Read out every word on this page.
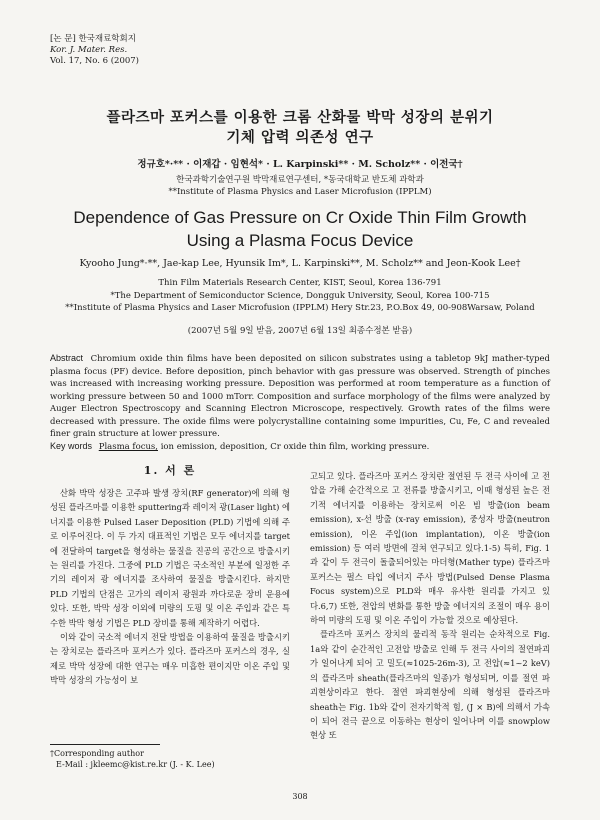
[논 문] 한국재료학회지
Kor. J. Mater. Res.
Vol. 17, No. 6 (2007)
플라즈마 포커스를 이용한 크롬 산화물 박막 성장의 분위기
기체 압력 의존성 연구
정규호*·** · 이재갑 · 임현석* · L. Karpinski** · M. Scholz** · 이전국†
한국과학기술연구원 박막재료연구센터, *동국대학교 반도체 과학과
**Institute of Plasma Physics and Laser Microfusion (IPPLM)
Dependence of Gas Pressure on Cr Oxide Thin Film Growth
Using a Plasma Focus Device
Kyooho Jung*·**, Jae-kap Lee, Hyunsik Im*, L. Karpinski**, M. Scholz** and Jeon-Kook Lee†
Thin Film Materials Research Center, KIST, Seoul, Korea 136-791
*The Department of Semiconductor Science, Dongguk University, Seoul, Korea 100-715
**Institute of Plasma Physics and Laser Microfusion (IPPLM) Hery Str.23, P.O.Box 49, 00-908Warsaw, Poland
(2007년 5월 9일 받음, 2007년 6월 13일 최종수정본 받음)
Abstract Chromium oxide thin films have been deposited on silicon substrates using a tabletop 9kJ mather-typed plasma focus (PF) device. Before deposition, pinch behavior with gas pressure was observed. Strength of pinches was increased with increasing working pressure. Deposition was performed at room temperature as a function of working pressure between 50 and 1000 mTorr. Composition and surface morphology of the films were analyzed by Auger Electron Spectroscopy and Scanning Electron Microscope, respectively. Growth rates of the films were decreased with pressure. The oxide films were polycrystalline containing some impurities, Cu, Fe, C and revealed finer grain structure at lower pressure.
Key words Plasma focus, ion emission, deposition, Cr oxide thin film, working pressure.
1. 서 론

산화 박막 성장은 고주파 발생 장치(RF generator)에 의해 형성된 플라즈마를 이용한 sputtering과 레이저 광(Laser light) 에너지를 이용한 Pulsed Laser Deposition (PLD) 기법에 의해 주로 이루어진다. 이 두 가지 대표적인 기법은 모두 에너지를 target에 전달하여 target을 형성하는 물질을 진공의 공간으로 방출시키는 원리를 가진다. 그중에 PLD 기법은 국소적인 부분에 일정한 주기의 레이저 광 에너지를 조사하여 물질을 방출시킨다. 하지만 PLD 기법의 단점은 고가의 레이저 광원과 까다로운 장비 운용에 있다. 또한, 박막 성장 이외에 미량의 도핑 및 이온 주입과 같은 특수한 박막 형성 기법은 PLD 장비를 통해 제작하기 어렵다.

이와 같이 국소적 에너지 전달 방법을 이용하여 물질을 방출시키는 장치로는 플라즈마 포커스가 있다. 플라즈마 포커스의 경우, 실제로 박막 성장에 대한 연구는 매우 미흡한 편이지만 이온 주입 및 박막 성장의 가능성이 보

고되고 있다. 플라즈마 포커스 장치란 절연된 두 전극 사이에 고 전압을 가해 순간적으로 고 전류를 방출시키고, 이때 형성된 높은 전기적 에너지를 이용하는 장치로써 이온 빔 방출(ion beam emission), x-선 방출 (x-ray emission), 중성자 방출(neutron emission), 이온 주입(ion implantation), 이온 방출(ion emission) 등 여러 방면에 걸쳐 연구되고 있다.1-5) 특히, Fig. 1과 같이 두 전극이 돌출되어있는 마더형(Mather type) 플라즈마 포커스는 펄스 타입 에너지 주사 방법(Pulsed Dense Plasma Focus system)으로 PLD와 매우 유사한 원리를 가지고 있다.6,7) 또한, 전압의 변화를 통한 방출 에너지의 조절이 매우 용이하여 미량의 도핑 및 이온 주입이 가능할 것으로 예상된다.

플라즈마 포커스 장치의 물리적 동작 원리는 순차적으로 Fig. 1a와 같이 순간적인 고전압 방출로 인해 두 전극 사이의 절연파괴가 일어나게 되어 고 밀도(≈1025-26m-3), 고 전압(≈1~2 keV)의 플라즈마 sheath(플라즈마의 일종)가 형성되며, 이를 절연 파괴현상이라고 한다. 절연 파괴현상에 의해 형성된 플라즈마 sheath는 Fig. 1b와 같이 전자기학적 힘, (J × B)에 의해서 가속이 되어 전극 끝으로 이동하는 현상이 일어나며 이를 snowplow 현상 또

†Corresponding author
E-Mail : jkleemc@kist.re.kr (J. - K. Lee)
308
